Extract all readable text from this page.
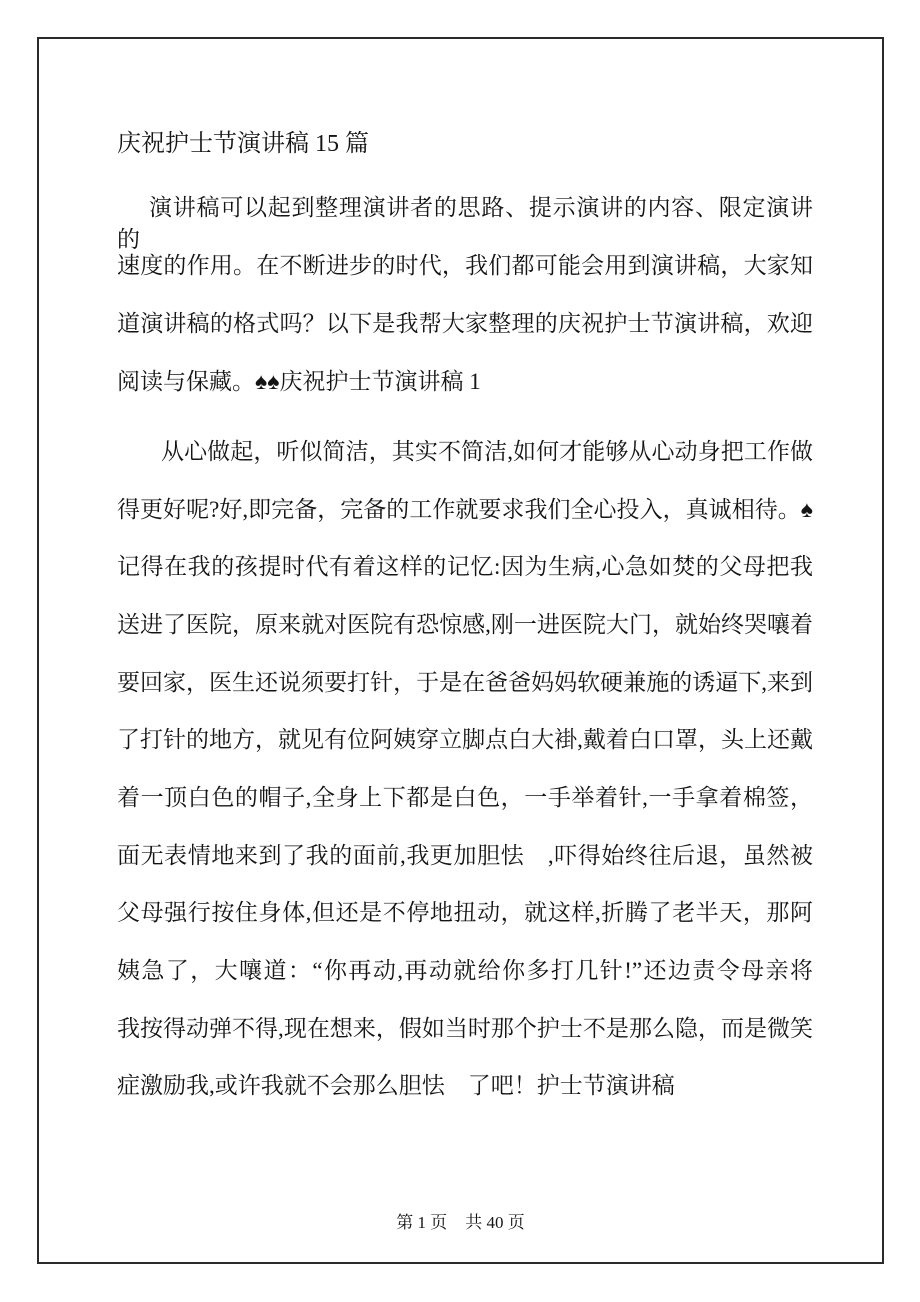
庆祝护士节演讲稿 15 篇
演讲稿可以起到整理演讲者的思路、提示演讲的内容、限定演讲的
速度的作用。在不断进步的时代，我们都可能会用到演讲稿，大家知
道演讲稿的格式吗？以下是我帮大家整理的庆祝护士节演讲稿，欢迎
阅读与保藏。♠♠庆祝护士节演讲稿 1
从心做起，听似简洁，其实不简洁,如何才能够从心动身把工作做
得更好呢?好,即完备，完备的工作就要求我们全心投入，真诚相待。♠
记得在我的孩提时代有着这样的记忆:因为生病,心急如焚的父母把我
送进了医院，原来就对医院有恐惊感,刚一进医院大门，就始终哭嚷着
要回家，医生还说须要打针，于是在爸爸妈妈软硬兼施的诱逼下,来到
了打针的地方，就见有位阿姨穿立脚点白大褂,戴着白口罩，头上还戴
着一顶白色的帽子,全身上下都是白色，一手举着针,一手拿着棉签，
面无表情地来到了我的面前,我更加胆怯　,吓得始终往后退，虽然被
父母强行按住身体,但还是不停地扭动，就这样,折腾了老半天，那阿
姨急了，大嚷道：“你再动,再动就给你多打几针!”还边责令母亲将
我按得动弹不得,现在想来，假如当时那个护士不是那么隐，而是微笑
症激励我,或许我就不会那么胆怯　了吧！护士节演讲稿
第 1 页 共 40 页
